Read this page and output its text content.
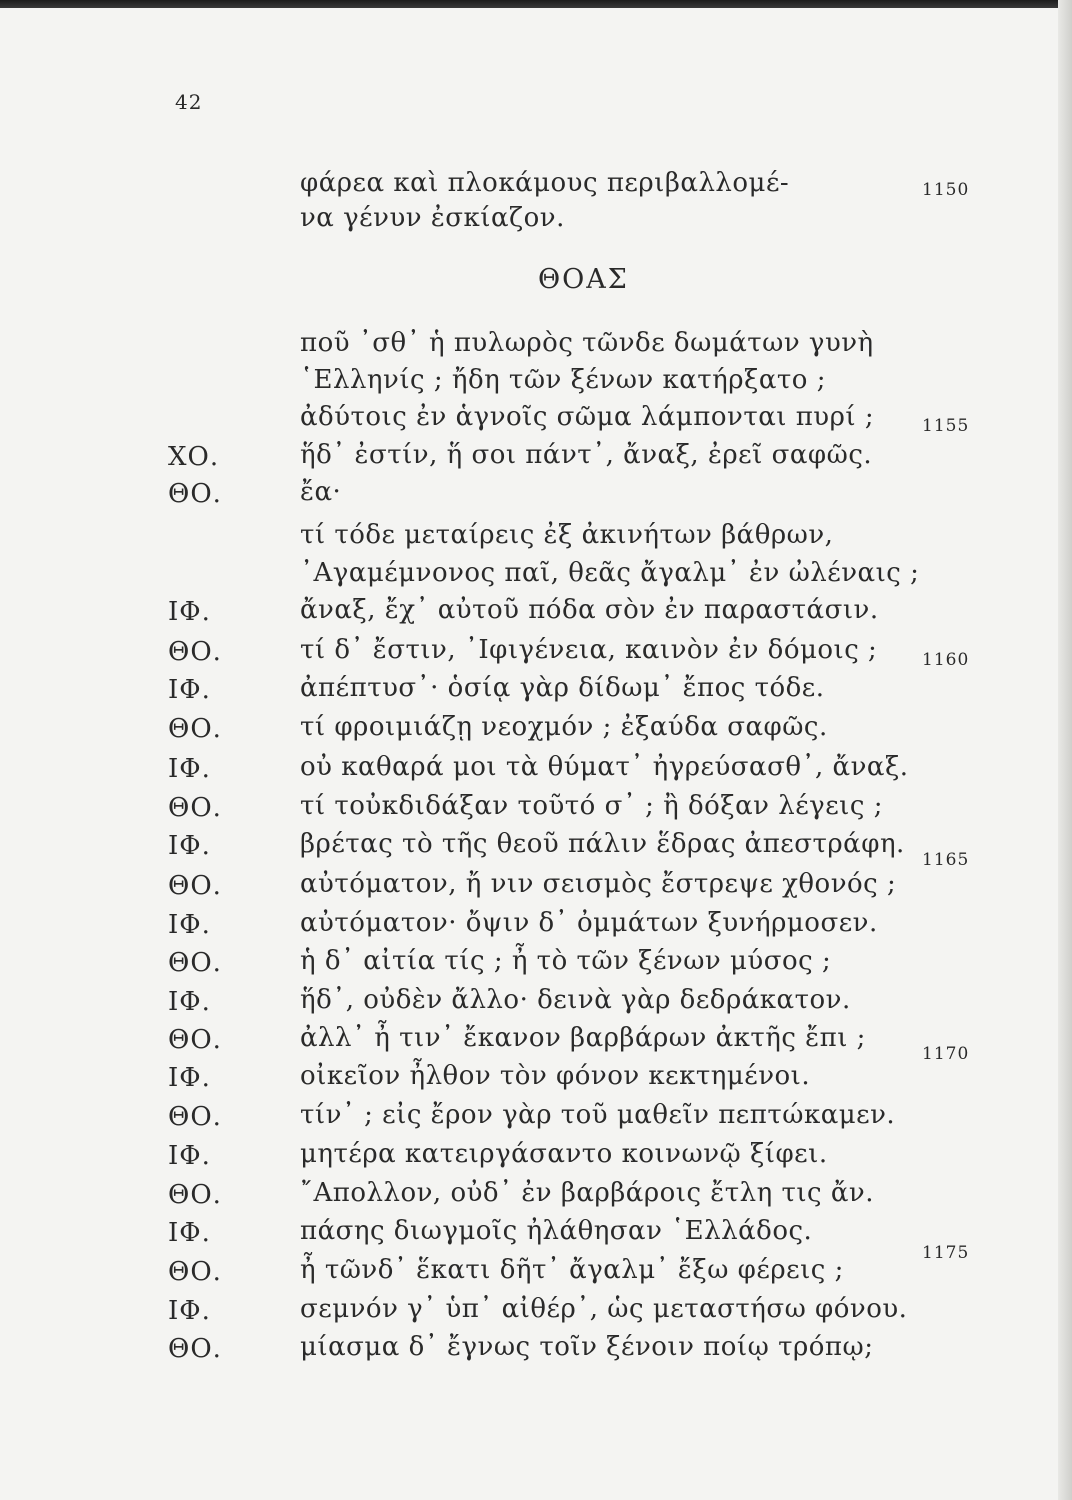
42
φάρεα καὶ πλοκάμους περιβαλλομέ-	1150
να γένυν ἐσκίαζον.
ΘΟΑΣ
ποῦ ᾿σθ᾿ ἡ πυλωρὸς τῶνδε δωμάτων γυνὴ
῾Ελληνίς ; ἤδη τῶν ξένων κατήρξατο ;
ἀδύτοις ἐν ἁγνοῖς σῶμα λάμπονται πυρί ;	1155
ΧΟ.	ἥδ᾿ ἐστίν, ἥ σοι πάντ᾿, ἄναξ, ἐρεῖ σαφῶς.
ΘΟ.	ἔα·
τί τόδε μεταίρεις ἐξ ἀκινήτων βάθρων,
᾿Αγαμέμνονος παῖ, θεᾶς ἄγαλμ᾿ ἐν ὠλέναις ;
ΙΦ.	ἄναξ, ἔχ᾿ αὐτοῦ πόδα σὸν ἐν παραστάσιν.
ΘΟ.	τί δ᾿ ἔστιν, ᾿Ιφιγένεια, καινὸν ἐν δόμοις ;	1160
ΙΦ.	ἀπέπτυσ᾿· ὁσίᾳ γὰρ δίδωμ᾿ ἔπος τόδε.
ΘΟ.	τί φροιμιάζῃ νεοχμόν ; ἐξαύδα σαφῶς.
ΙΦ.	οὐ καθαρά μοι τὰ θύματ᾿ ἠγρεύσασθ᾿, ἄναξ.
ΘΟ.	τί τοὐκδιδάξαν τοῦτό σ᾿ ; ἢ δόξαν λέγεις ;
ΙΦ.	βρέτας τὸ τῆς θεοῦ πάλιν ἕδρας ἀπεστράφη.
1165
ΘΟ.	αὐτόματον, ἤ νιν σεισμὸς ἔστρεψε χθονός ;
ΙΦ.	αὐτόματον· ὄψιν δ᾿ ὀμμάτων ξυνήρμοσεν.
ΘΟ.	ἡ δ᾿ αἰτία τίς ; ἦ τὸ τῶν ξένων μύσος ;
ΙΦ.	ἥδ᾿, οὐδὲν ἄλλο· δεινὰ γὰρ δεδράκατον.
ΘΟ.	ἀλλ᾿ ἦ τιν᾿ ἔκανον βαρβάρων ἀκτῆς ἔπι ;
1170
ΙΦ.	οἰκεῖον ἦλθον τὸν φόνον κεκτημένοι.
ΘΟ.	τίν᾿ ; εἰς ἔρον γὰρ τοῦ μαθεῖν πεπτώκαμεν.
ΙΦ.	μητέρα κατειργάσαντο κοινωνῷ ξίφει.
ΘΟ.	῎Απολλον, οὐδ᾿ ἐν βαρβάροις ἔτλη τις ἄν.
ΙΦ.	πάσης διωγμοῖς ἠλάθησαν ῾Ελλάδος.
1175
ΘΟ.	ἦ τῶνδ᾿ ἕκατι δῆτ᾿ ἄγαλμ᾿ ἔξω φέρεις ;
ΙΦ.	σεμνόν γ᾿ ὑπ᾿ αἰθέρ᾿, ὡς μεταστήσω φόνου.
ΘΟ.	μίασμα δ᾿ ἔγνως τοῖν ξένοιν ποίῳ τρόπῳ;
